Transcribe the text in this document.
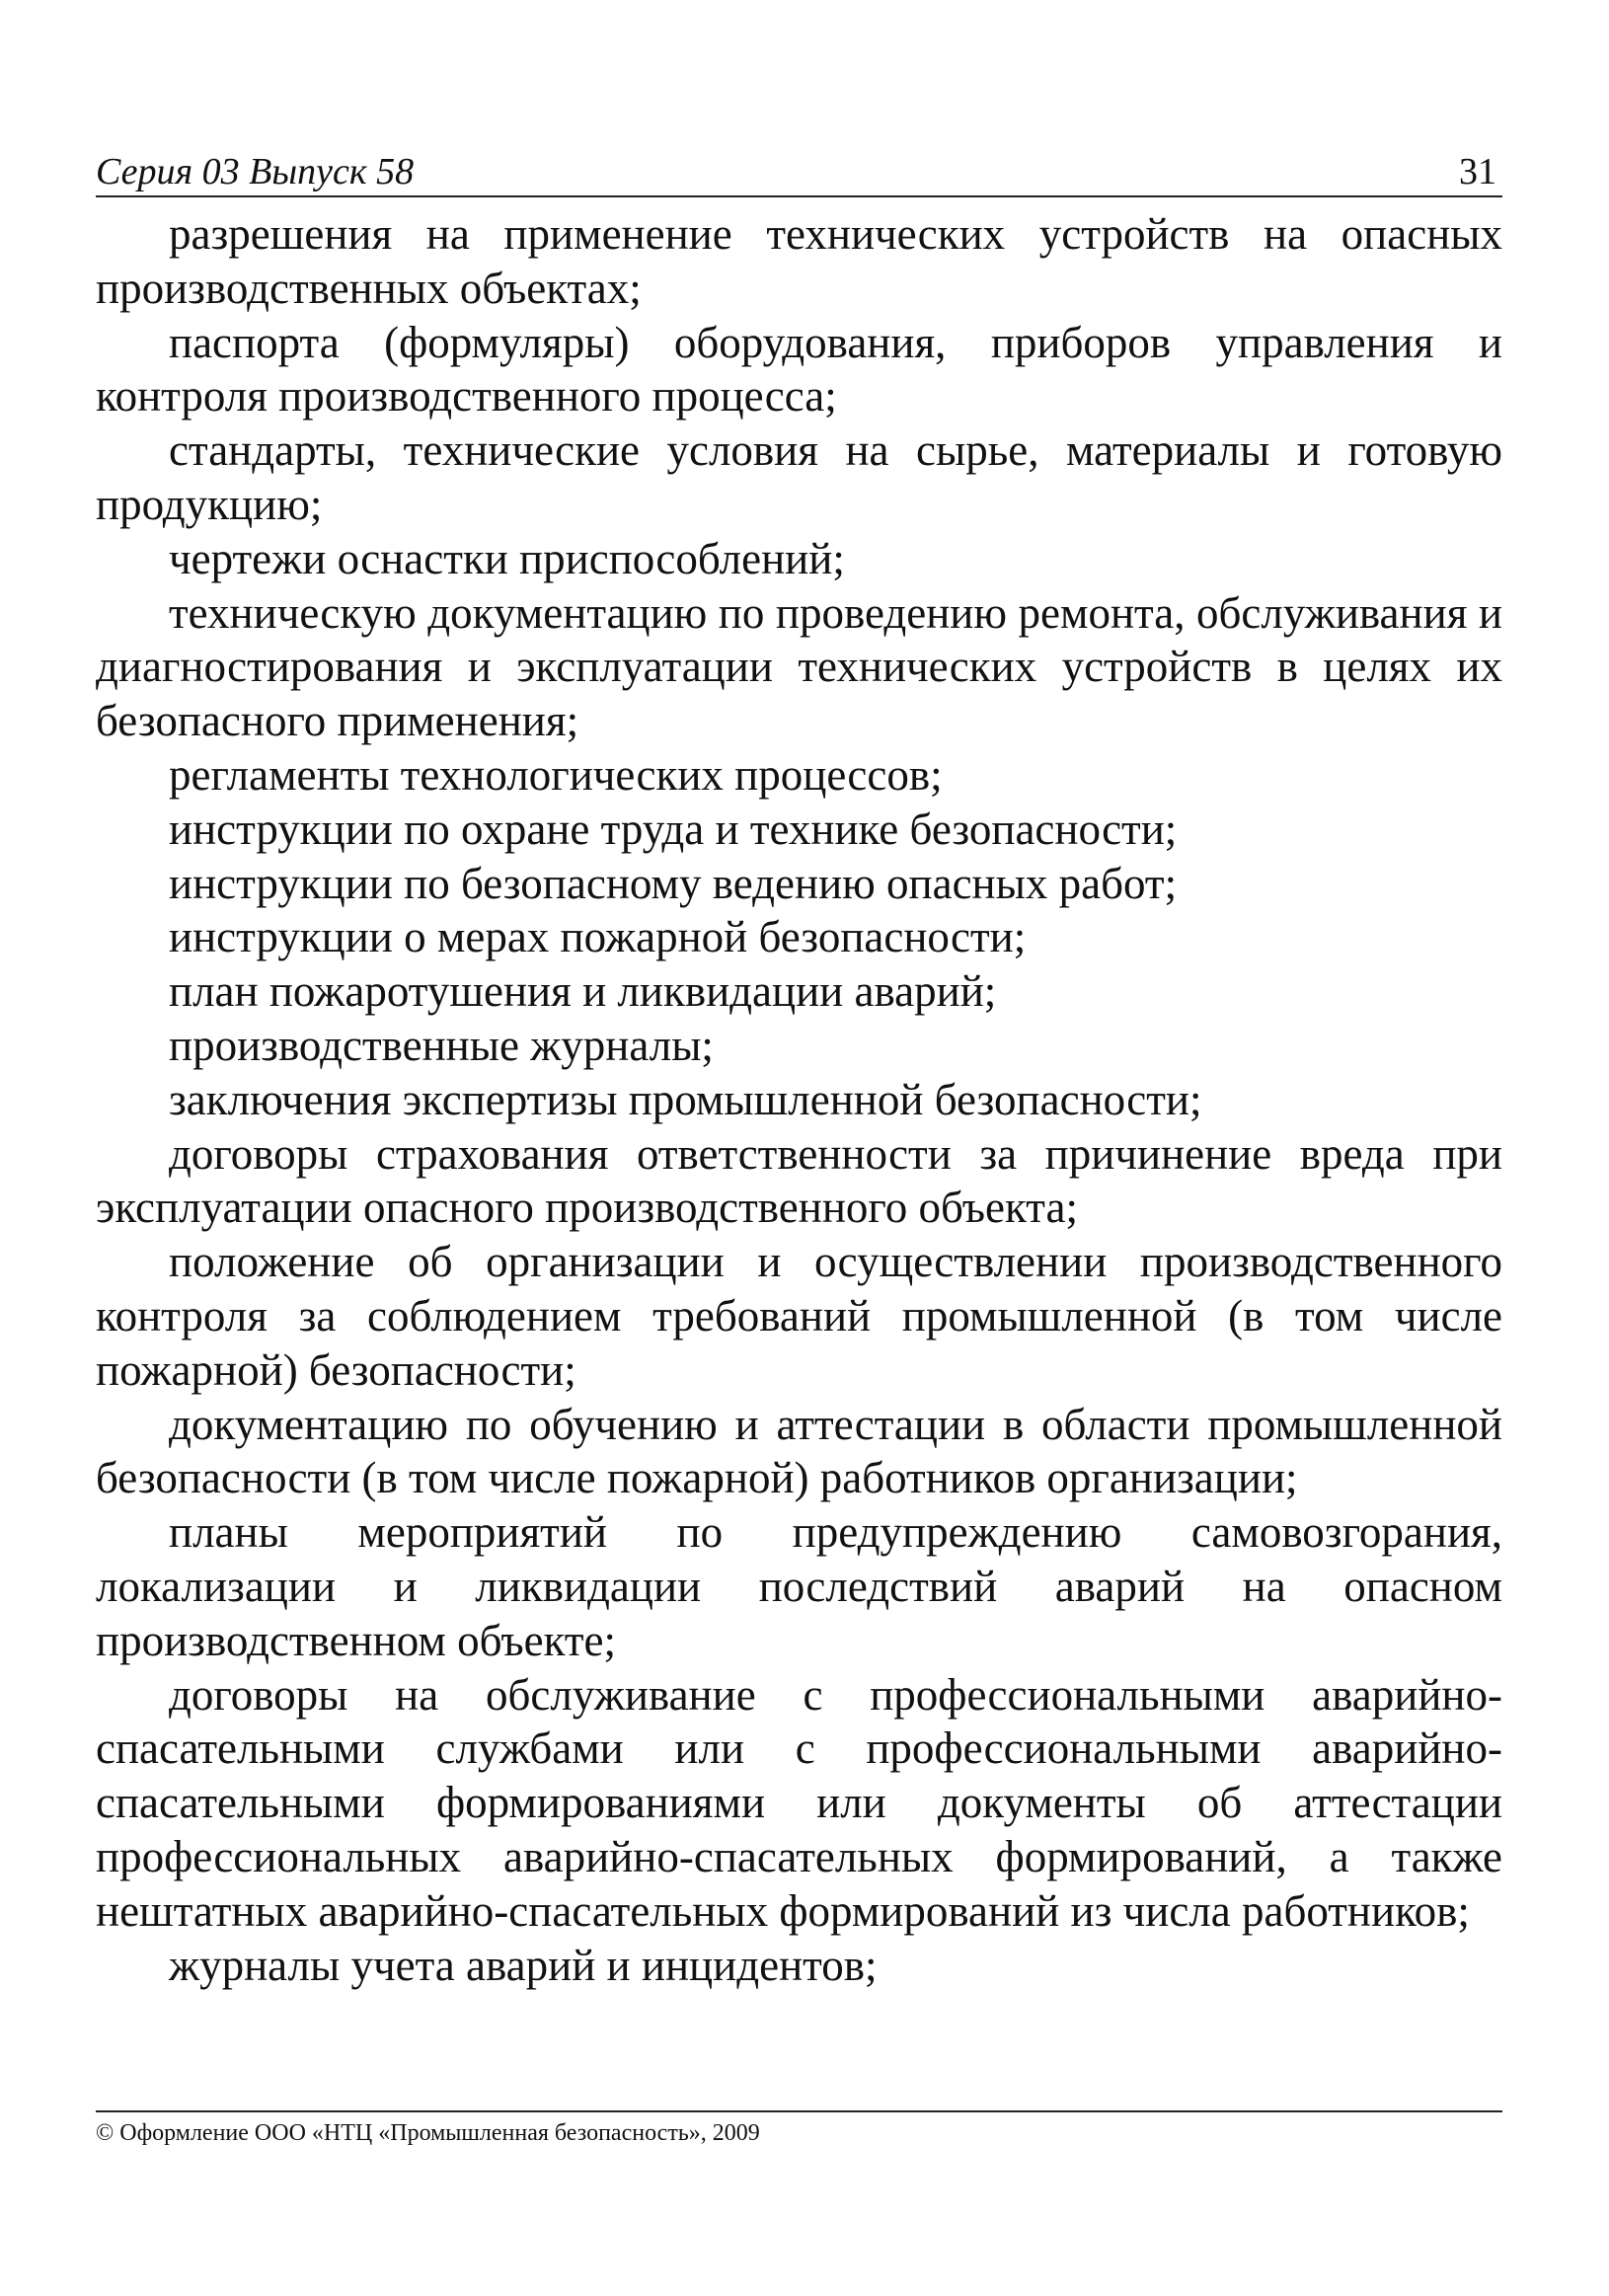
Серия 03 Выпуск 58	31

разрешения на применение технических устройств на опасных производственных объектах;

паспорта (формуляры) оборудования, приборов управления и контроля производственного процесса;

стандарты, технические условия на сырье, материалы и готовую продукцию;

чертежи оснастки приспособлений;

техническую документацию по проведению ремонта, обслуживания и диагностирования и эксплуатации технических устройств в целях их безопасного применения;

регламенты технологических процессов;

инструкции по охране труда и технике безопасности;

инструкции по безопасному ведению опасных работ;

инструкции о мерах пожарной безопасности;

план пожаротушения и ликвидации аварий;

производственные журналы;

заключения экспертизы промышленной безопасности;

договоры страхования ответственности за причинение вреда при эксплуатации опасного производственного объекта;

положение об организации и осуществлении производственного контроля за соблюдением требований промышленной (в том числе пожарной) безопасности;

документацию по обучению и аттестации в области промышленной безопасности (в том числе пожарной) работников организации;

планы мероприятий по предупреждению самовозгорания, локализации и ликвидации последствий аварий на опасном производственном объекте;

договоры на обслуживание с профессиональными аварийно-спасательными службами или с профессиональными аварийно-спасательными формированиями или документы об аттестации профессиональных аварийно-спасательных формирований, а также нештатных аварийно-спасательных формирований из числа работников;

журналы учета аварий и инцидентов;

© Оформление ООО «НТЦ «Промышленная безопасность», 2009
